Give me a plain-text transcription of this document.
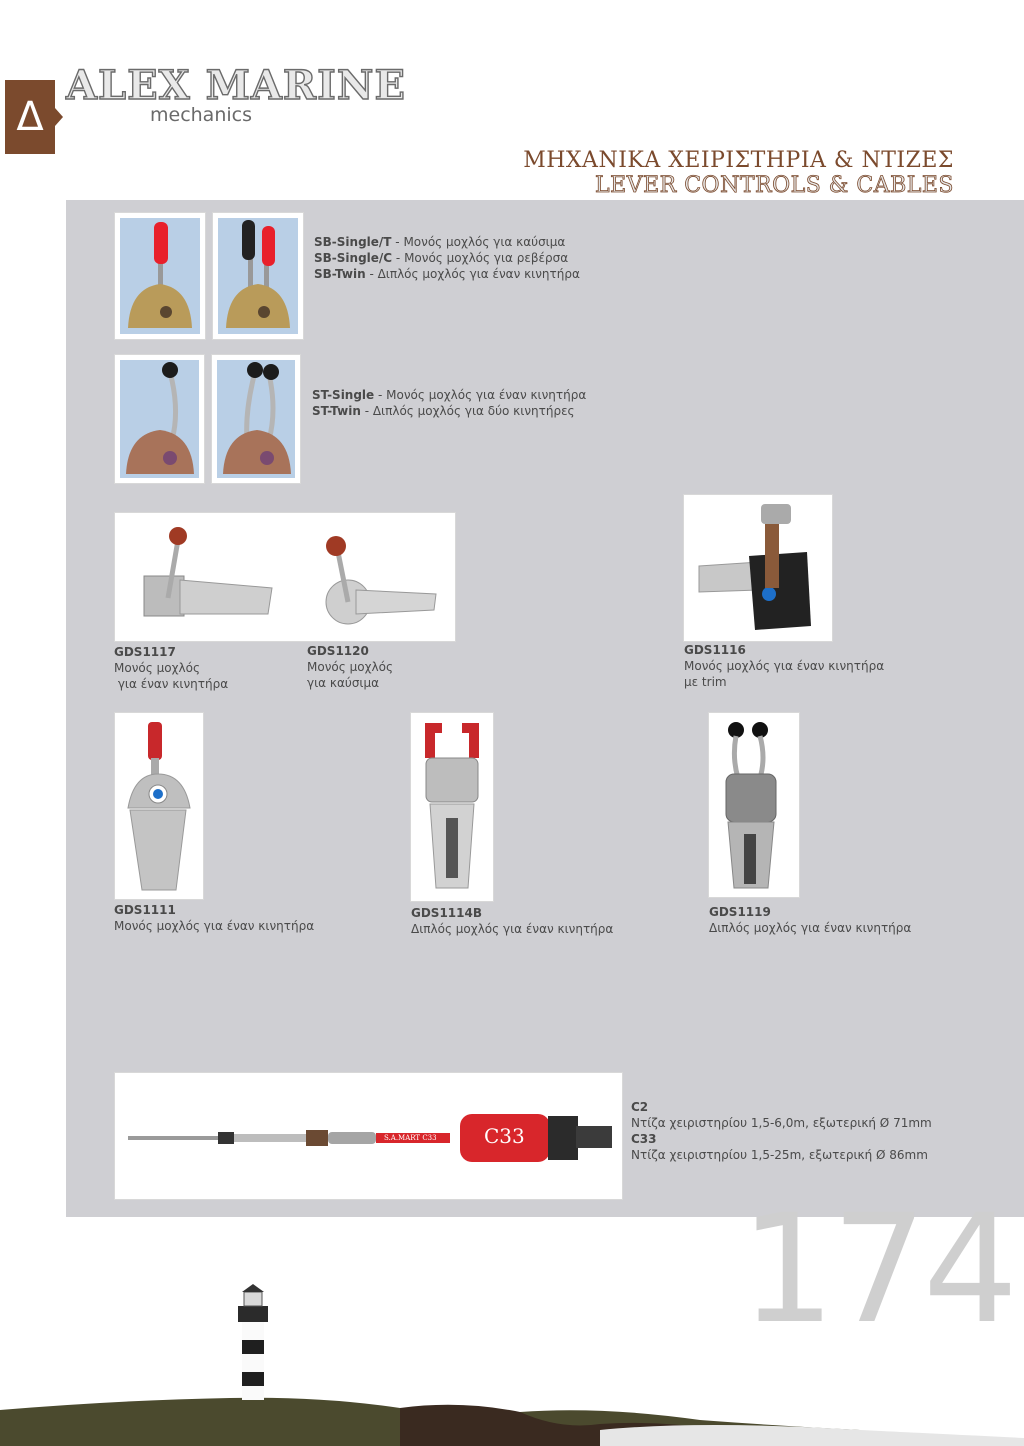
Δ
ALEX MARINE
mechanics
ΜΗΧΑΝΙΚΑ ΧΕΙΡΙΣΤΗΡΙΑ & ΝΤΙΖΕΣ
LEVER CONTROLS & CABLES
SB-Single/T - Μονός μοχλός για καύσιμα
SB-Single/C - Μονός μοχλός για ρεβέρσα
SB-Twin - Διπλός μοχλός για έναν κινητήρα
ST-Single - Μονός μοχλός για έναν κινητήρα
ST-Twin - Διπλός μοχλός για δύο κινητήρες
GDS1117
Μονός μοχλός
για έναν κινητήρα
GDS1120
Μονός μοχλός
για καύσιμα
GDS1116
Μονός μοχλός για έναν κινητήρα
με trim
GDS1111
Μονός μοχλός για έναν κινητήρα
GDS1114B
Διπλός μοχλός για έναν κινητήρα
GDS1119
Διπλός μοχλός για έναν κινητήρα
S.A.MART C33 C33
C2
Ντίζα χειριστηρίου 1,5-6,0m, εξωτερική Ø 71mm
C33
Ντίζα χειριστηρίου 1,5-25m, εξωτερική Ø 86mm
174
